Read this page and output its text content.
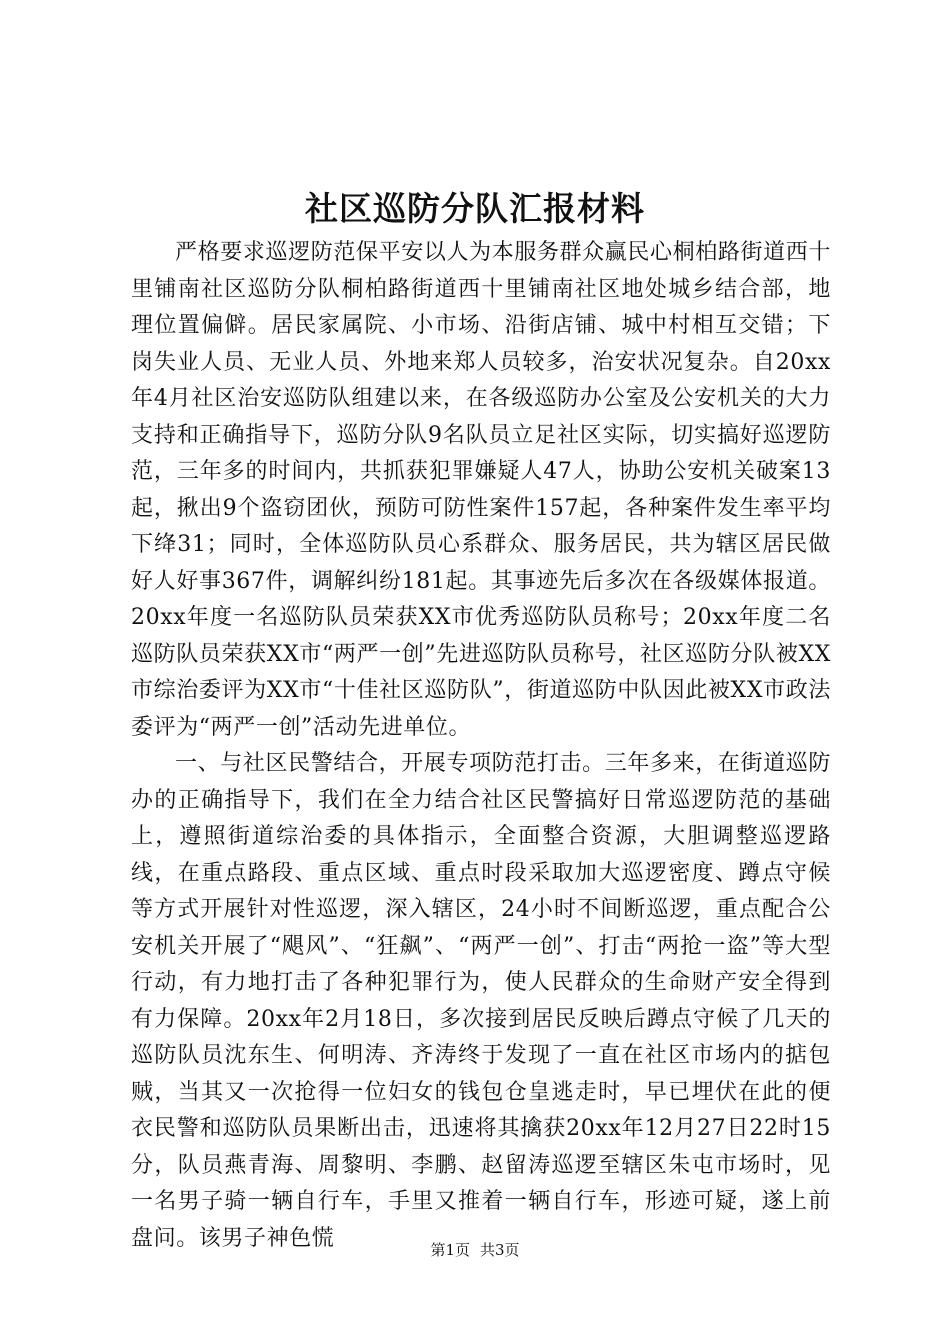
社区巡防分队汇报材料

严格要求巡逻防范保平安以人为本服务群众赢民心桐柏路街道西十里铺南社区巡防分队桐柏路街道西十里铺南社区地处城乡结合部，地理位置偏僻。居民家属院、小市场、沿街店铺、城中村相互交错；下岗失业人员、无业人员、外地来郑人员较多，治安状况复杂。自20xx年4月社区治安巡防队组建以来，在各级巡防办公室及公安机关的大力支持和正确指导下，巡防分队9名队员立足社区实际，切实搞好巡逻防范，三年多的时间内，共抓获犯罪嫌疑人47人，协助公安机关破案13起，揪出9个盗窃团伙，预防可防性案件157起，各种案件发生率平均下绛31；同时，全体巡防队员心系群众、服务居民，共为辖区居民做好人好事367件，调解纠纷181起。其事迹先后多次在各级媒体报道。20xx年度一名巡防队员荣获XX市优秀巡防队员称号；20xx年度二名巡防队员荣获XX市“两严一创”先进巡防队员称号，社区巡防分队被XX市综治委评为XX市“十佳社区巡防队”，街道巡防中队因此被XX市政法委评为“两严一创”活动先进单位。

一、与社区民警结合，开展专项防范打击。三年多来，在街道巡防办的正确指导下，我们在全力结合社区民警搞好日常巡逻防范的基础上，遵照街道综治委的具体指示，全面整合资源，大胆调整巡逻路线，在重点路段、重点区域、重点时段采取加大巡逻密度、蹲点守候等方式开展针对性巡逻，深入辖区，24小时不间断巡逻，重点配合公安机关开展了“飓风”、“狂飙”、“两严一创”、打击“两抢一盗”等大型行动，有力地打击了各种犯罪行为，使人民群众的生命财产安全得到有力保障。20xx年2月18日，多次接到居民反映后蹲点守候了几天的巡防队员沈东生、何明涛、齐涛终于发现了一直在社区市场内的掂包贼，当其又一次抢得一位妇女的钱包仓皇逃走时，早已埋伏在此的便衣民警和巡防队员果断出击，迅速将其擒获20xx年12月27日22时15分，队员燕青海、周黎明、李鹏、赵留涛巡逻至辖区朱屯市场时，见一名男子骑一辆自行车，手里又推着一辆自行车，形迹可疑，遂上前盘问。该男子神色慌	第1页 共3页
